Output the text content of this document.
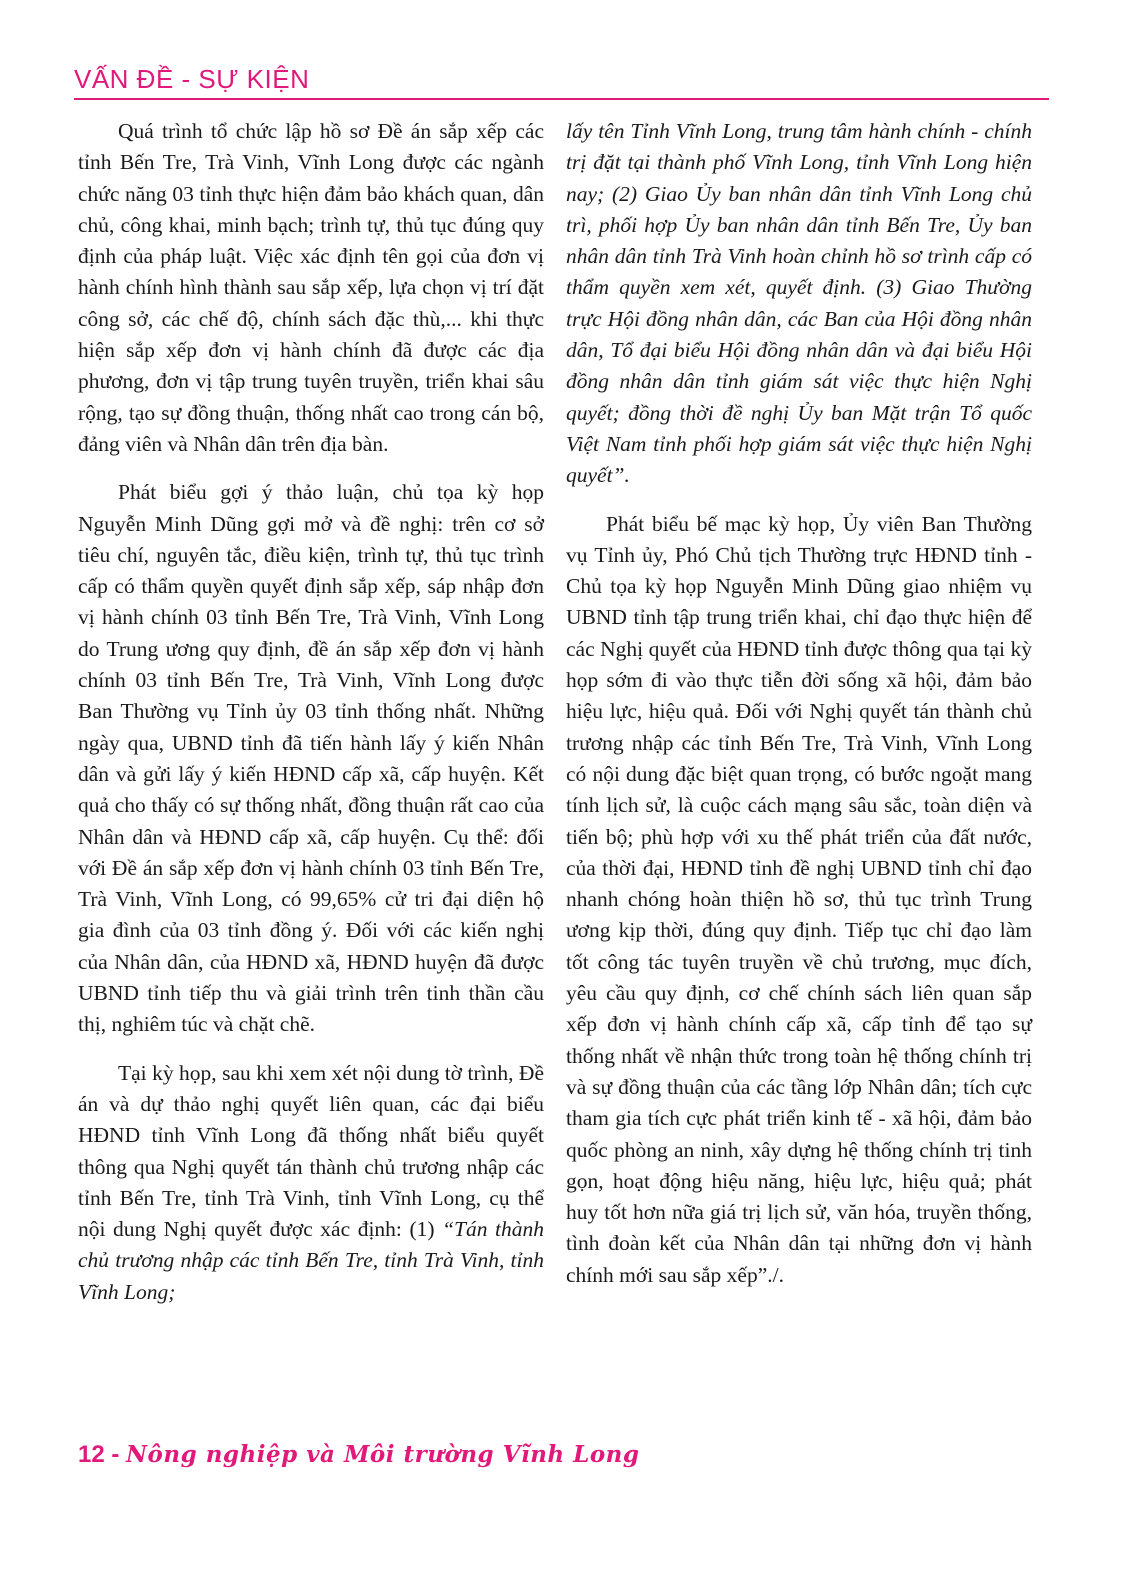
VẤN ĐỀ - SỰ KIỆN

Quá trình tổ chức lập hồ sơ Đề án sắp xếp các tỉnh Bến Tre, Trà Vinh, Vĩnh Long được các ngành chức năng 03 tỉnh thực hiện đảm bảo khách quan, dân chủ, công khai, minh bạch; trình tự, thủ tục đúng quy định của pháp luật. Việc xác định tên gọi của đơn vị hành chính hình thành sau sắp xếp, lựa chọn vị trí đặt công sở, các chế độ, chính sách đặc thù,... khi thực hiện sắp xếp đơn vị hành chính đã được các địa phương, đơn vị tập trung tuyên truyền, triển khai sâu rộng, tạo sự đồng thuận, thống nhất cao trong cán bộ, đảng viên và Nhân dân trên địa bàn.

Phát biểu gợi ý thảo luận, chủ tọa kỳ họp Nguyễn Minh Dũng gợi mở và đề nghị: trên cơ sở tiêu chí, nguyên tắc, điều kiện, trình tự, thủ tục trình cấp có thẩm quyền quyết định sắp xếp, sáp nhập đơn vị hành chính 03 tỉnh Bến Tre, Trà Vinh, Vĩnh Long do Trung ương quy định, đề án sắp xếp đơn vị hành chính 03 tỉnh Bến Tre, Trà Vinh, Vĩnh Long được Ban Thường vụ Tỉnh ủy 03 tỉnh thống nhất. Những ngày qua, UBND tỉnh đã tiến hành lấy ý kiến Nhân dân và gửi lấy ý kiến HĐND cấp xã, cấp huyện. Kết quả cho thấy có sự thống nhất, đồng thuận rất cao của Nhân dân và HĐND cấp xã, cấp huyện. Cụ thể: đối với Đề án sắp xếp đơn vị hành chính 03 tỉnh Bến Tre, Trà Vinh, Vĩnh Long, có 99,65% cử tri đại diện hộ gia đình của 03 tỉnh đồng ý. Đối với các kiến nghị của Nhân dân, của HĐND xã, HĐND huyện đã được UBND tỉnh tiếp thu và giải trình trên tinh thần cầu thị, nghiêm túc và chặt chẽ.

Tại kỳ họp, sau khi xem xét nội dung tờ trình, Đề án và dự thảo nghị quyết liên quan, các đại biểu HĐND tỉnh Vĩnh Long đã thống nhất biểu quyết thông qua Nghị quyết tán thành chủ trương nhập các tỉnh Bến Tre, tỉnh Trà Vinh, tỉnh Vĩnh Long, cụ thể nội dung Nghị quyết được xác định: (1) “Tán thành chủ trương nhập các tỉnh Bến Tre, tỉnh Trà Vinh, tỉnh Vĩnh Long;

lấy tên Tỉnh Vĩnh Long, trung tâm hành chính - chính trị đặt tại thành phố Vĩnh Long, tỉnh Vĩnh Long hiện nay; (2) Giao Ủy ban nhân dân tỉnh Vĩnh Long chủ trì, phối hợp Ủy ban nhân dân tỉnh Bến Tre, Ủy ban nhân dân tỉnh Trà Vinh hoàn chỉnh hồ sơ trình cấp có thẩm quyền xem xét, quyết định. (3) Giao Thường trực Hội đồng nhân dân, các Ban của Hội đồng nhân dân, Tổ đại biểu Hội đồng nhân dân và đại biểu Hội đồng nhân dân tỉnh giám sát việc thực hiện Nghị quyết; đồng thời đề nghị Ủy ban Mặt trận Tổ quốc Việt Nam tỉnh phối hợp giám sát việc thực hiện Nghị quyết”.

Phát biểu bế mạc kỳ họp, Ủy viên Ban Thường vụ Tỉnh ủy, Phó Chủ tịch Thường trực HĐND tỉnh - Chủ tọa kỳ họp Nguyễn Minh Dũng giao nhiệm vụ UBND tỉnh tập trung triển khai, chỉ đạo thực hiện để các Nghị quyết của HĐND tỉnh được thông qua tại kỳ họp sớm đi vào thực tiễn đời sống xã hội, đảm bảo hiệu lực, hiệu quả. Đối với Nghị quyết tán thành chủ trương nhập các tỉnh Bến Tre, Trà Vinh, Vĩnh Long có nội dung đặc biệt quan trọng, có bước ngoặt mang tính lịch sử, là cuộc cách mạng sâu sắc, toàn diện và tiến bộ; phù hợp với xu thế phát triển của đất nước, của thời đại, HĐND tỉnh đề nghị UBND tỉnh chỉ đạo nhanh chóng hoàn thiện hồ sơ, thủ tục trình Trung ương kịp thời, đúng quy định. Tiếp tục chỉ đạo làm tốt công tác tuyên truyền về chủ trương, mục đích, yêu cầu quy định, cơ chế chính sách liên quan sắp xếp đơn vị hành chính cấp xã, cấp tỉnh để tạo sự thống nhất về nhận thức trong toàn hệ thống chính trị và sự đồng thuận của các tầng lớp Nhân dân; tích cực tham gia tích cực phát triển kinh tế - xã hội, đảm bảo quốc phòng an ninh, xây dựng hệ thống chính trị tinh gọn, hoạt động hiệu năng, hiệu lực, hiệu quả; phát huy tốt hơn nữa giá trị lịch sử, văn hóa, truyền thống, tình đoàn kết của Nhân dân tại những đơn vị hành chính mới sau sắp xếp”./.

12 - Nông nghiệp và Môi trường Vĩnh Long
